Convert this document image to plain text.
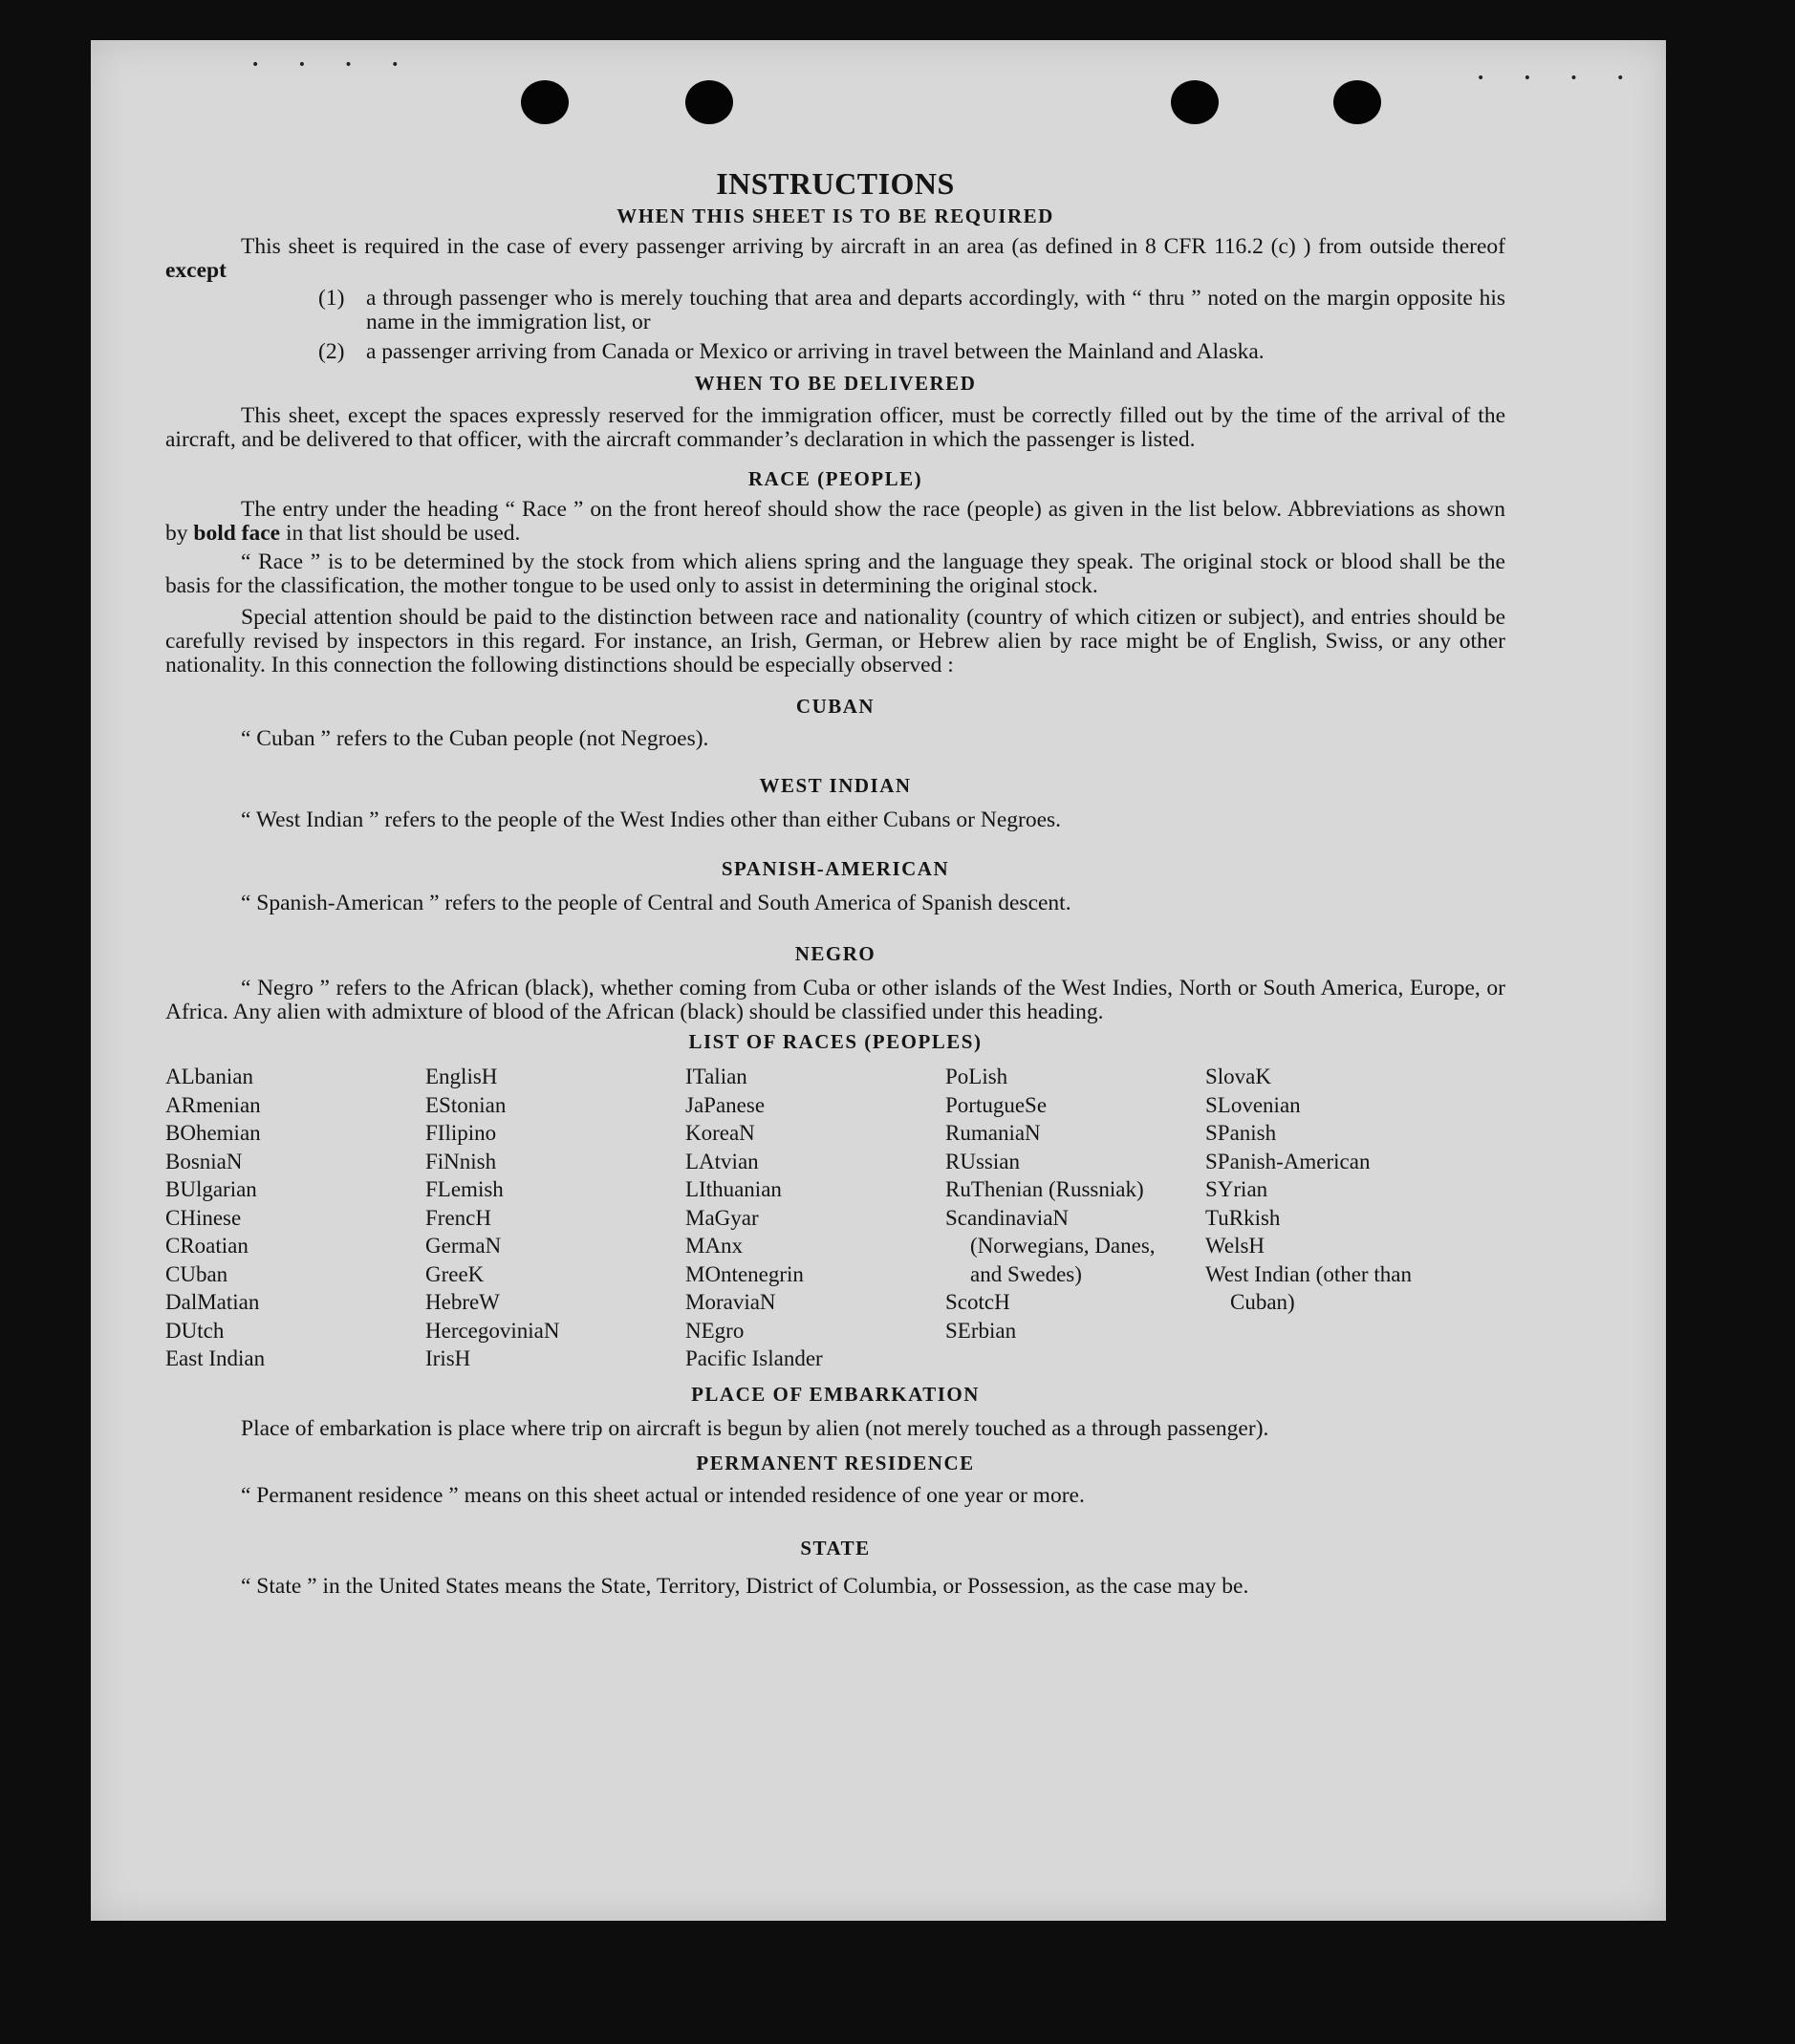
• • • •
• • • •
INSTRUCTIONS
WHEN THIS SHEET IS TO BE REQUIRED

This sheet is required in the case of every passenger arriving by aircraft in an area (as defined in 8 CFR 116.2 (c) ) from outside thereof except

(1) a through passenger who is merely touching that area and departs accordingly, with “ thru ” noted on the margin opposite his name in the immigration list, or
(2) a passenger arriving from Canada or Mexico or arriving in travel between the Mainland and Alaska.
WHEN TO BE DELIVERED

This sheet, except the spaces expressly reserved for the immigration officer, must be correctly filled out by the time of the arrival of the aircraft, and be delivered to that officer, with the aircraft commander’s declaration in which the passenger is listed.

RACE (PEOPLE)

The entry under the heading “ Race ” on the front hereof should show the race (people) as given in the list below. Abbreviations as shown by bold face in that list should be used.

“ Race ” is to be determined by the stock from which aliens spring and the language they speak. The original stock or blood shall be the basis for the classification, the mother tongue to be used only to assist in determining the original stock.

Special attention should be paid to the distinction between race and nationality (country of which citizen or subject), and entries should be carefully revised by inspectors in this regard. For instance, an Irish, German, or Hebrew alien by race might be of English, Swiss, or any other nationality. In this connection the following distinctions should be especially observed :

CUBAN

“ Cuban ” refers to the Cuban people (not Negroes).

WEST INDIAN

“ West Indian ” refers to the people of the West Indies other than either Cubans or Negroes.

SPANISH-AMERICAN

“ Spanish-American ” refers to the people of Central and South America of Spanish descent.

NEGRO

“ Negro ” refers to the African (black), whether coming from Cuba or other islands of the West Indies, North or South America, Europe, or Africa. Any alien with admixture of blood of the African (black) should be classified under this heading.

LIST OF RACES (PEOPLES)
ALbanian
ARmenian
BOhemian
BosniaN
BUlgarian
CHinese
CRoatian
CUban
DalMatian
DUtch
East Indian
EnglisH
EStonian
FIlipino
FiNnish
FLemish
FrencH
GermaN
GreeK
HebreW
HercegoviniaN
IrisH
ITalian
JaPanese
KoreaN
LAtvian
LIthuanian
MaGyar
MAnx
MOntenegrin
MoraviaN
NEgro
Pacific Islander
PoLish
PortugueSe
RumaniaN
RUssian
RuThenian (Russniak)
ScandinaviaN (Norwegians, Danes, and Swedes)
ScotcH
SErbian
SlovaK
SLovenian
SPanish
SPanish-American
SYrian
TuRkish
WelsH
West Indian (other than Cuban)
PLACE OF EMBARKATION

Place of embarkation is place where trip on aircraft is begun by alien (not merely touched as a through passenger).

PERMANENT RESIDENCE

“ Permanent residence ” means on this sheet actual or intended residence of one year or more.

STATE

“ State ” in the United States means the State, Territory, District of Columbia, or Possession, as the case may be.
